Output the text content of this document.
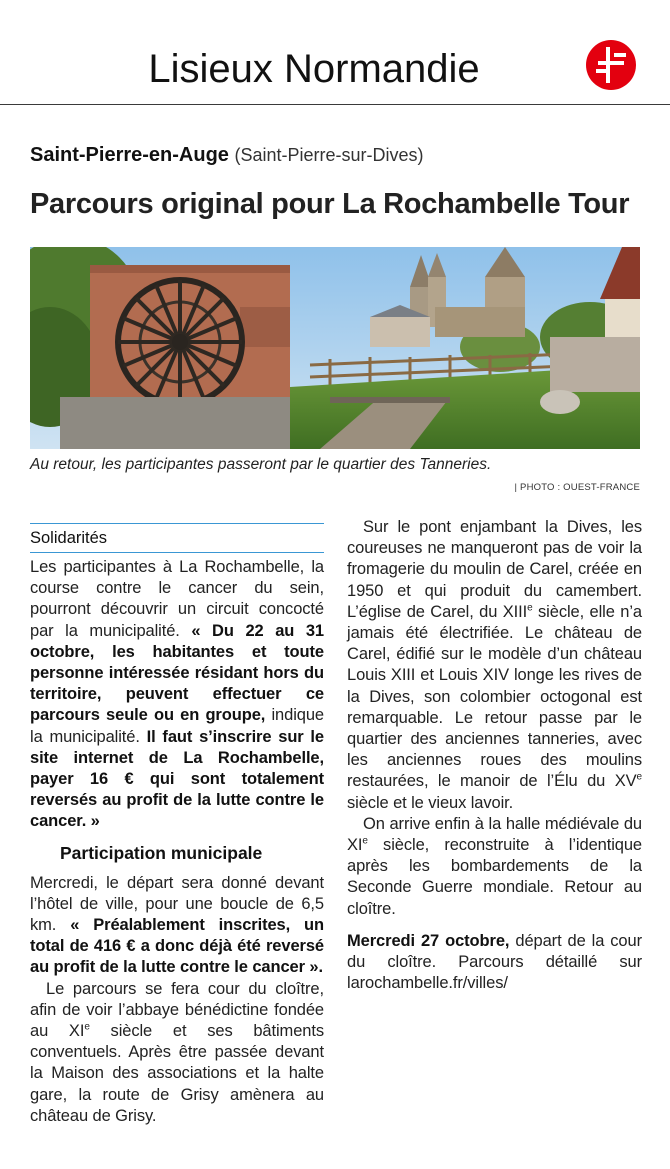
Lisieux Normandie

Saint-Pierre-en-Auge (Saint-Pierre-sur-Dives)

Parcours original pour La Rochambelle Tour

Au retour, les participantes passeront par le quartier des Tanneries.

| PHOTO : OUEST-FRANCE
Solidarités

Les participantes à La Rochambelle, la course contre le cancer du sein, pourront découvrir un circuit concocté par la municipalité. « Du 22 au 31 octobre, les habitantes et toute personne intéressée résidant hors du territoire, peuvent effectuer ce parcours seule ou en groupe, indique la municipalité. Il faut s’inscrire sur le site internet de La Rochambelle, payer 16 € qui sont totalement reversés au profit de la lutte contre le cancer. »

Participation municipale

Mercredi, le départ sera donné devant l’hôtel de ville, pour une boucle de 6,5 km. « Préalablement inscrites, un total de 416 € a donc déjà été reversé au profit de la lutte contre le cancer ».

Le parcours se fera cour du cloître, afin de voir l’abbaye bénédictine fondée au XIe siècle et ses bâtiments conventuels. Après être passée devant la Maison des associations et la halte gare, la route de Grisy amènera au château de Grisy.

Sur le pont enjambant la Dives, les coureuses ne manqueront pas de voir la fromagerie du moulin de Carel, créée en 1950 et qui produit du camembert. L’église de Carel, du XIIIe siècle, elle n’a jamais été électrifiée. Le château de Carel, édifié sur le modèle d’un château Louis XIII et Louis XIV longe les rives de la Dives, son colombier octogonal est remarquable. Le retour passe par le quartier des anciennes tanneries, avec les anciennes roues des moulins restaurées, le manoir de l’Élu du XVe siècle et le vieux lavoir.

On arrive enfin à la halle médiévale du XIe siècle, reconstruite à l’identique après les bombardements de la Seconde Guerre mondiale. Retour au cloître.

Mercredi 27 octobre, départ de la cour du cloître. Parcours détaillé sur larochambelle.fr/villes/
